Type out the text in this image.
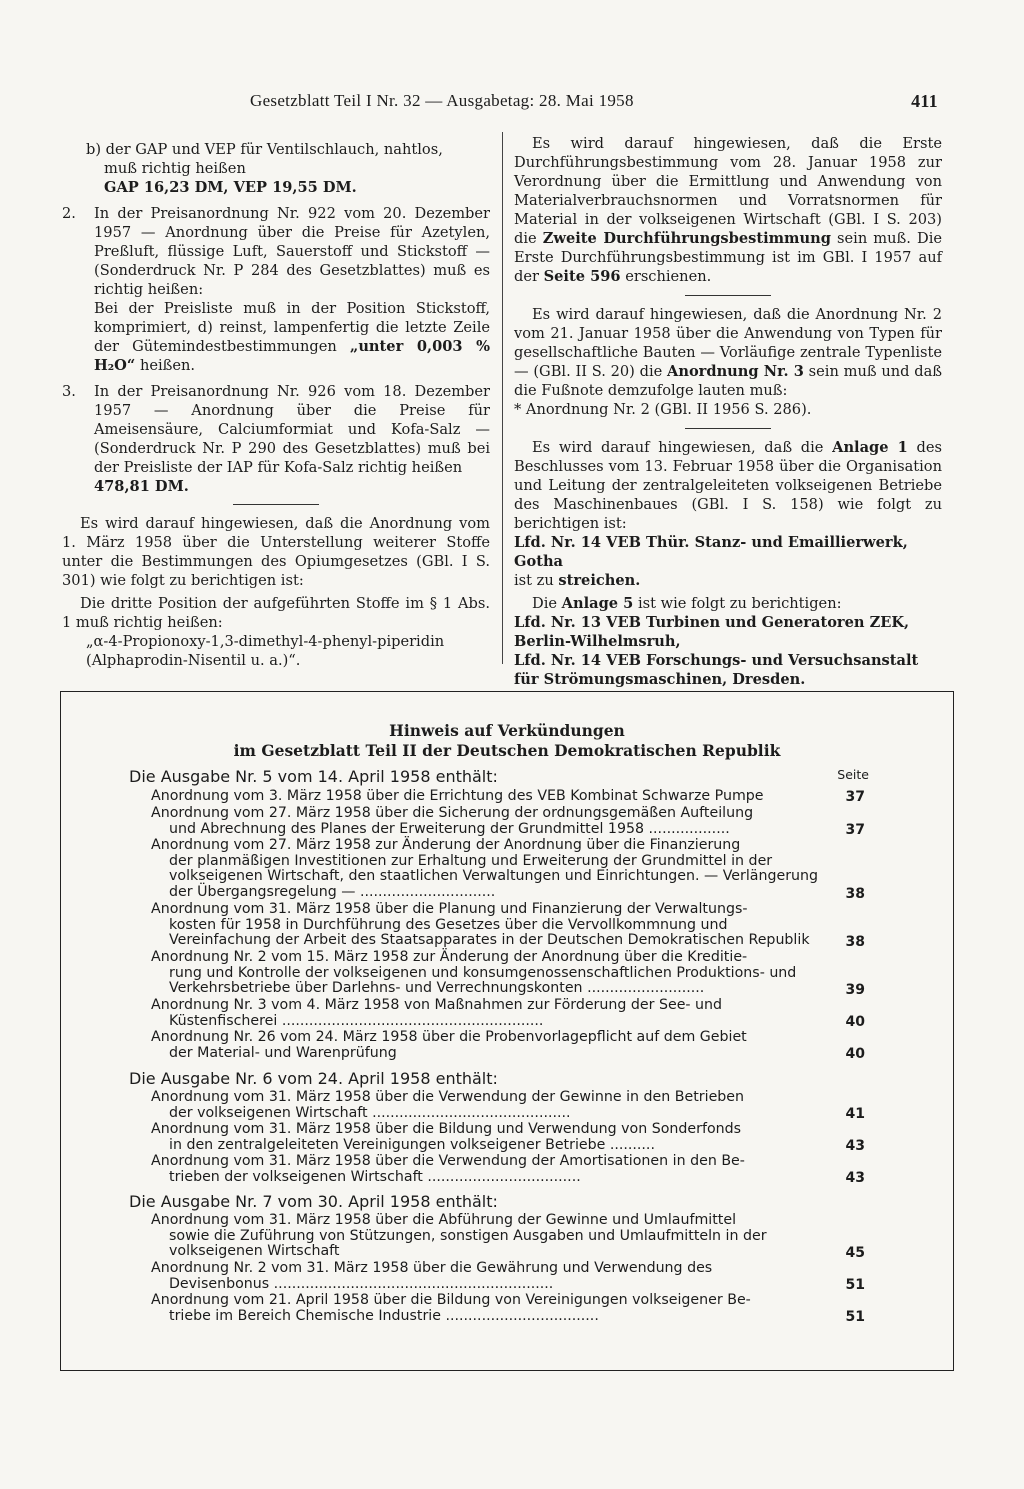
Gesetzblatt Teil I Nr. 32 — Ausgabetag: 28. Mai 1958	411

b) der GAP und VEP für Ventilschlauch, nahtlos,

muß richtig heißen

GAP 16,23 DM, VEP 19,55 DM.

2.	In der Preisanordnung Nr. 922 vom 20. Dezember 1957 — Anordnung über die Preise für Azetylen, Preßluft, flüssige Luft, Sauerstoff und Stickstoff — (Sonderdruck Nr. P 284 des Gesetzblattes) muß es richtig heißen:

Bei der Preisliste muß in der Position Stickstoff, komprimiert, d) reinst, lampenfertig die letzte Zeile der Gütemindestbestimmungen „unter 0,003 % H₂O“ heißen.

3.	In der Preisanordnung Nr. 926 vom 18. Dezember 1957 — Anordnung über die Preise für Ameisensäure, Calciumformiat und Kofa-Salz — (Sonderdruck Nr. P 290 des Gesetzblattes) muß bei der Preisliste der IAP für Kofa-Salz richtig heißen

478,81 DM.

Es wird darauf hingewiesen, daß die Anordnung vom 1. März 1958 über die Unterstellung weiterer Stoffe unter die Bestimmungen des Opiumgesetzes (GBl. I S. 301) wie folgt zu berichtigen ist:

Die dritte Position der aufgeführten Stoffe im § 1 Abs. 1 muß richtig heißen:

„α-4-Propionoxy-1,3-dimethyl-4-phenyl-piperidin (Alphaprodin-Nisentil u. a.)“.

Es wird darauf hingewiesen, daß die Erste Durchführungsbestimmung vom 28. Januar 1958 zur Verordnung über die Ermittlung und Anwendung von Materialverbrauchsnormen und Vorratsnormen für Material in der volkseigenen Wirtschaft (GBl. I S. 203) die Zweite Durchführungsbestimmung sein muß. Die Erste Durchführungsbestimmung ist im GBl. I 1957 auf der Seite 596 erschienen.

Es wird darauf hingewiesen, daß die Anordnung Nr. 2 vom 21. Januar 1958 über die Anwendung von Typen für gesellschaftliche Bauten — Vorläufige zentrale Typenliste — (GBl. II S. 20) die Anordnung Nr. 3 sein muß und daß die Fußnote demzufolge lauten muß:

* Anordnung Nr. 2 (GBl. II 1956 S. 286).

Es wird darauf hingewiesen, daß die Anlage 1 des Beschlusses vom 13. Februar 1958 über die Organisation und Leitung der zentralgeleiteten volkseigenen Betriebe des Maschinenbaues (GBl. I S. 158) wie folgt zu berichtigen ist:

Lfd. Nr. 14 VEB Thür. Stanz- und Emaillierwerk, Gotha

ist zu streichen.

Die Anlage 5 ist wie folgt zu berichtigen:

Lfd. Nr. 13 VEB Turbinen und Generatoren ZEK, Berlin-Wilhelmsruh,

Lfd. Nr. 14 VEB Forschungs- und Versuchsanstalt für Strömungsmaschinen, Dresden.

Hinweis auf Verkündungen
im Gesetzblatt Teil II der Deutschen Demokratischen Republik
Seite
Die Ausgabe Nr. 5 vom 14. April 1958 enthält:
Anordnung vom 3. März 1958 über die Errichtung des VEB Kombinat Schwarze Pumpe	37
Anordnung vom 27. März 1958 über die Sicherung der ordnungsgemäßen Aufteilung
und Abrechnung des Planes der Erweiterung der Grundmittel 1958 ..................	37
Anordnung vom 27. März 1958 zur Änderung der Anordnung über die Finanzierung
der planmäßigen Investitionen zur Erhaltung und Erweiterung der Grundmittel in der volkseigenen Wirtschaft, den staatlichen Verwaltungen und Einrichtungen. — Verlängerung der Übergangsregelung — ..............................	38
Anordnung vom 31. März 1958 über die Planung und Finanzierung der Verwaltungs-
kosten für 1958 in Durchführung des Gesetzes über die Vervollkommnung und Vereinfachung der Arbeit des Staatsapparates in der Deutschen Demokratischen Republik	38
Anordnung Nr. 2 vom 15. März 1958 zur Änderung der Anordnung über die Kreditie-
rung und Kontrolle der volkseigenen und konsumgenossenschaftlichen Produktions- und Verkehrsbetriebe über Darlehns- und Verrechnungskonten ..........................	39
Anordnung Nr. 3 vom 4. März 1958 von Maßnahmen zur Förderung der See- und
Küstenfischerei ..........................................................	40
Anordnung Nr. 26 vom 24. März 1958 über die Probenvorlagepflicht auf dem Gebiet
der Material- und Warenprüfung	40
Die Ausgabe Nr. 6 vom 24. April 1958 enthält:
Anordnung vom 31. März 1958 über die Verwendung der Gewinne in den Betrieben
der volkseigenen Wirtschaft ............................................	41
Anordnung vom 31. März 1958 über die Bildung und Verwendung von Sonderfonds
in den zentralgeleiteten Vereinigungen volkseigener Betriebe ..........	43
Anordnung vom 31. März 1958 über die Verwendung der Amortisationen in den Be-
trieben der volkseigenen Wirtschaft ..................................	43
Die Ausgabe Nr. 7 vom 30. April 1958 enthält:
Anordnung vom 31. März 1958 über die Abführung der Gewinne und Umlaufmittel
sowie die Zuführung von Stützungen, sonstigen Ausgaben und Umlaufmitteln in der volkseigenen Wirtschaft	45
Anordnung Nr. 2 vom 31. März 1958 über die Gewährung und Verwendung des
Devisenbonus ..............................................................	51
Anordnung vom 21. April 1958 über die Bildung von Vereinigungen volkseigener Be-
triebe im Bereich Chemische Industrie ..................................	51
